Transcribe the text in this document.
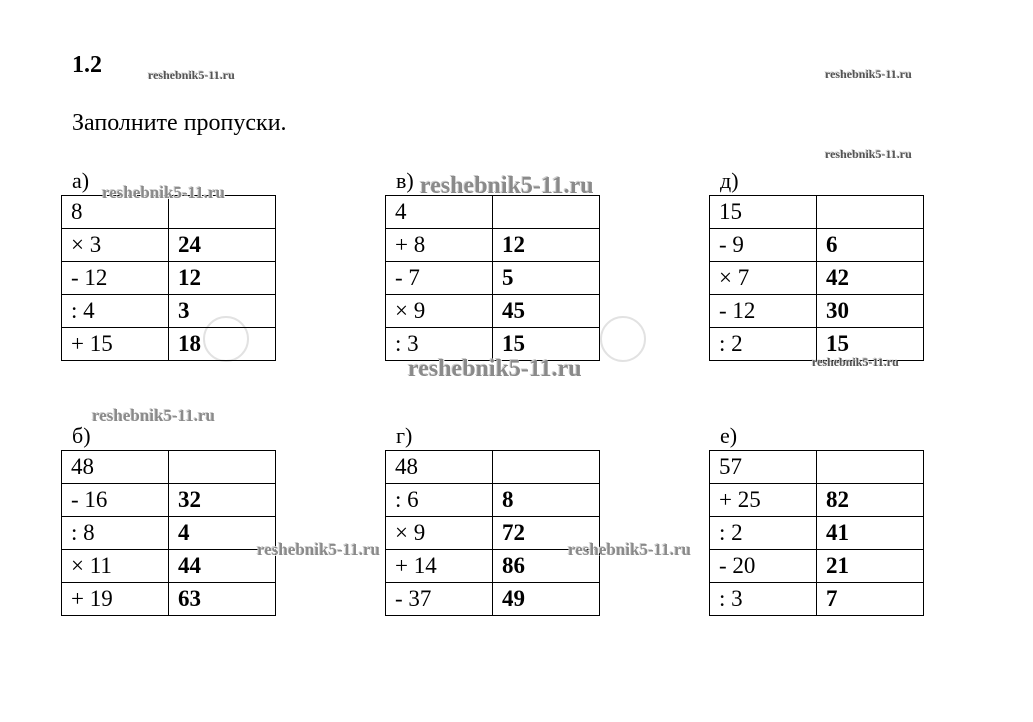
1.2
Заполните пропуски.
а)
8	
× 3	24
- 12	12
: 4	3
+ 15	18
в)
4	
+ 8	12
- 7	5
× 9	45
: 3	15
д)
15	
- 9	6
× 7	42
- 12	30
: 2	15
б)
48	
- 16	32
: 8	4
× 11	44
+ 19	63
г)
48	
: 6	8
× 9	72
+ 14	86
- 37	49
е)
57	
+ 25	82
: 2	41
- 20	21
: 3	7
reshebnik5-11.ru	reshebnik5-11.ru
reshebnik5-11.ru
reshebnik5-11.ru	reshebnik5-11.ru
reshebnik5-11.ru	reshebnik5-11.ru
reshebnik5-11.ru
reshebnik5-11.ru	reshebnik5-11.ru
